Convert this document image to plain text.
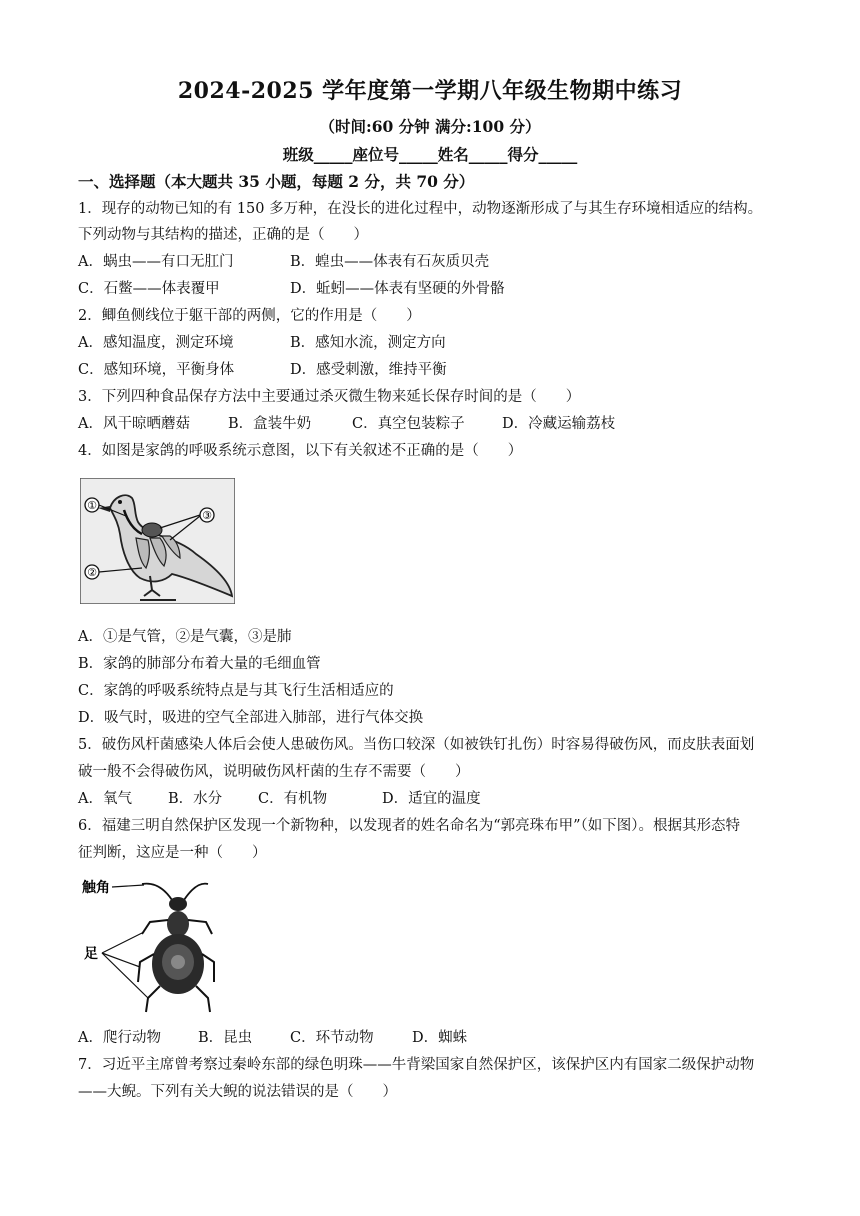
2024-2025 学年度第一学期八年级生物期中练习
（时间:60 分钟 满分:100 分）
班级_____座位号_____姓名_____得分_____
一、选择题（本大题共 35 小题，每题 2 分，共 70 分）
1．现存的动物已知的有 150 多万种，在没长的进化过程中，动物逐渐形成了与其生存环境相适应的结构。
下列动物与其结构的描述，正确的是（　　）
A．蜗虫——有口无肛门	B．蝗虫——体表有石灰质贝壳
C．石鳖——体表覆甲	D．蚯蚓——体表有坚硬的外骨骼
2．鲫鱼侧线位于躯干部的两侧，它的作用是（　　）
A．感知温度，测定环境	B．感知水流，测定方向
C．感知环境，平衡身体	D．感受刺激，维持平衡
3．下列四种食品保存方法中主要通过杀灭微生物来延长保存时间的是（　　）
A．风干晾晒蘑菇	B．盒装牛奶	C．真空包装粽子	D．冷藏运输荔枝
4．如图是家鸽的呼吸系统示意图，以下有关叙述不正确的是（　　）
①
②
③
A．①是气管，②是气囊，③是肺
B．家鸽的肺部分布着大量的毛细血管
C．家鸽的呼吸系统特点是与其飞行生活相适应的
D．吸气时，吸进的空气全部进入肺部，进行气体交换
5．破伤风杆菌感染人体后会使人患破伤风。当伤口较深（如被铁钉扎伤）时容易得破伤风，而皮肤表面划
破一般不会得破伤风，说明破伤风杆菌的生存不需要（　　）
A．氧气 B．水分 C．有机物	D．适宜的温度
6．福建三明自然保护区发现一个新物种，以发现者的姓名命名为“郭亮珠布甲”（如下图）。根据其形态特
征判断，这应是一种（　　）
触角
足
A．爬行动物	B．昆虫	C．环节动物	D．蜘蛛
7．习近平主席曾考察过秦岭东部的绿色明珠——牛背梁国家自然保护区，该保护区内有国家二级保护动物
——大鲵。下列有关大鲵的说法错误的是（　　）
